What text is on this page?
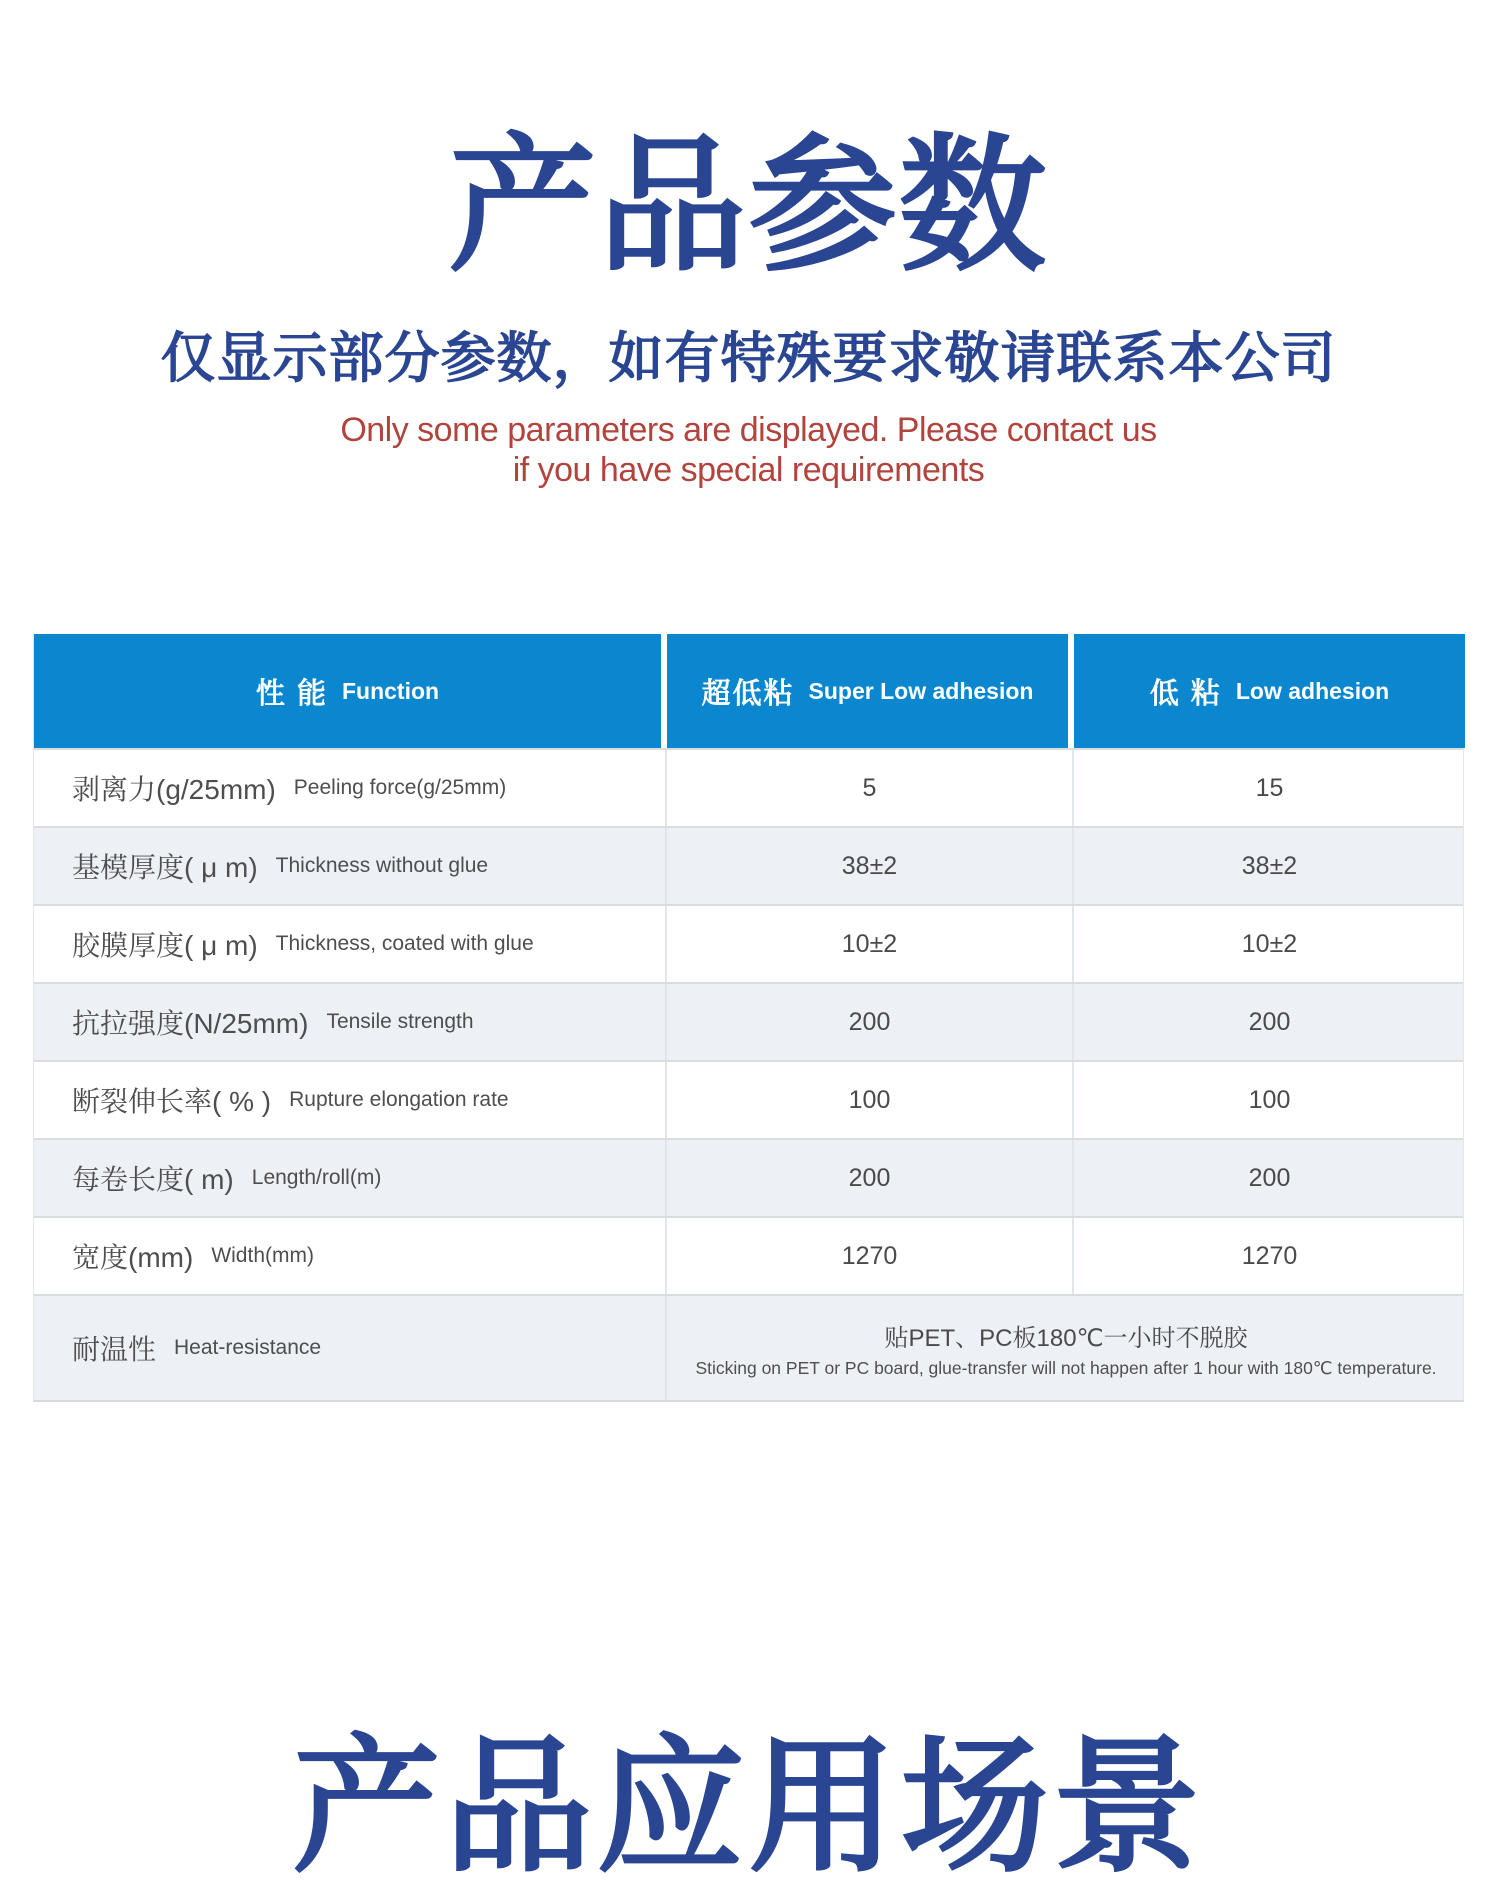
产品参数
仅显示部分参数，如有特殊要求敬请联系本公司
Only some parameters are displayed. Please contact us
if you have special requirements
性 能 Function	超低粘 Super Low adhesion	低 粘 Low adhesion
剥离力(g/25mm) Peeling force(g/25mm)	5	15
基模厚度( μ m) Thickness without glue	38±2	38±2
胶膜厚度( μ m) Thickness, coated with glue	10±2	10±2
抗拉强度(N/25mm) Tensile strength	200	200
断裂伸长率( % ) Rupture elongation rate	100	100
每卷长度( m) Length/roll(m)	200	200
宽度(mm) Width(mm)	1270	1270
耐温性 Heat-resistance	贴PET、PC板180℃一小时不脱胶
Sticking on PET or PC board, glue-transfer will not happen after 1 hour with 180℃ temperature.
产品应用场景
